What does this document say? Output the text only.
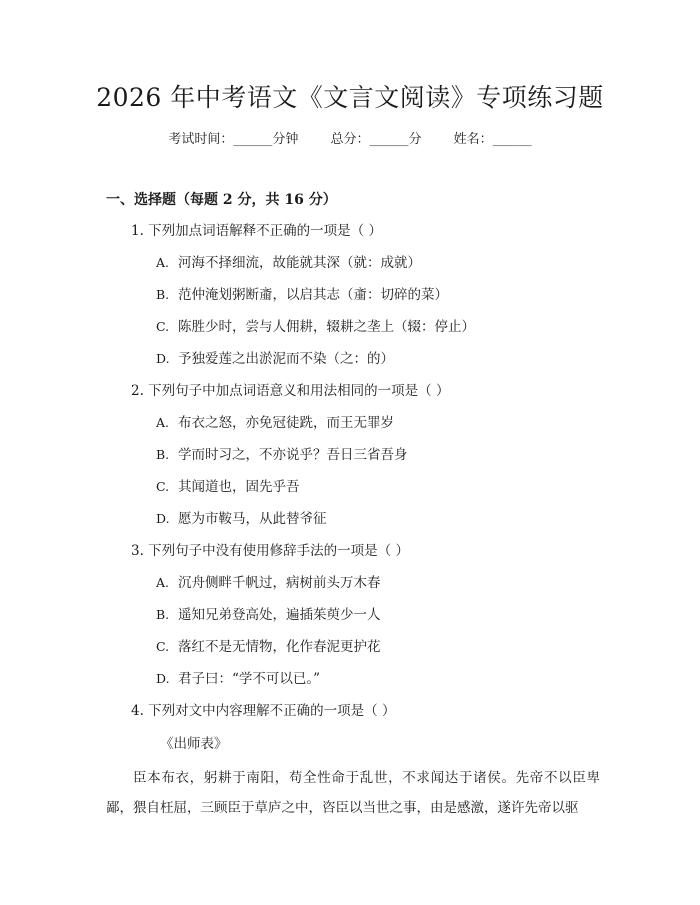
2026 年中考语文《文言文阅读》专项练习题
考试时间：______分钟 总分：______分 姓名：______
一、选择题（每题 2 分，共 16 分）
1. 下列加点词语解释不正确的一项是（ ）
A. 河海不择细流，故能就其深（就：成就）
B. 范仲淹划粥断齑，以启其志（齑：切碎的菜）
C. 陈胜少时，尝与人佣耕，辍耕之垄上（辍：停止）
D. 予独爱莲之出淤泥而不染（之：的）
2. 下列句子中加点词语意义和用法相同的一项是（ ）
A. 布衣之怒，亦免冠徒跣，而王无罪岁
B. 学而时习之，不亦说乎？吾日三省吾身
C. 其闻道也，固先乎吾
D. 愿为市鞍马，从此替爷征
3. 下列句子中没有使用修辞手法的一项是（ ）
A. 沉舟侧畔千帆过，病树前头万木春
B. 遥知兄弟登高处，遍插茱萸少一人
C. 落红不是无情物，化作春泥更护花
D. 君子曰：“学不可以已。”
4. 下列对文中内容理解不正确的一项是（ ）
《出师表》
臣本布衣，躬耕于南阳，苟全性命于乱世，不求闻达于诸侯。先帝不以臣卑鄙，猥自枉屈，三顾臣于草庐之中，咨臣以当世之事，由是感激，遂许先帝以驱
